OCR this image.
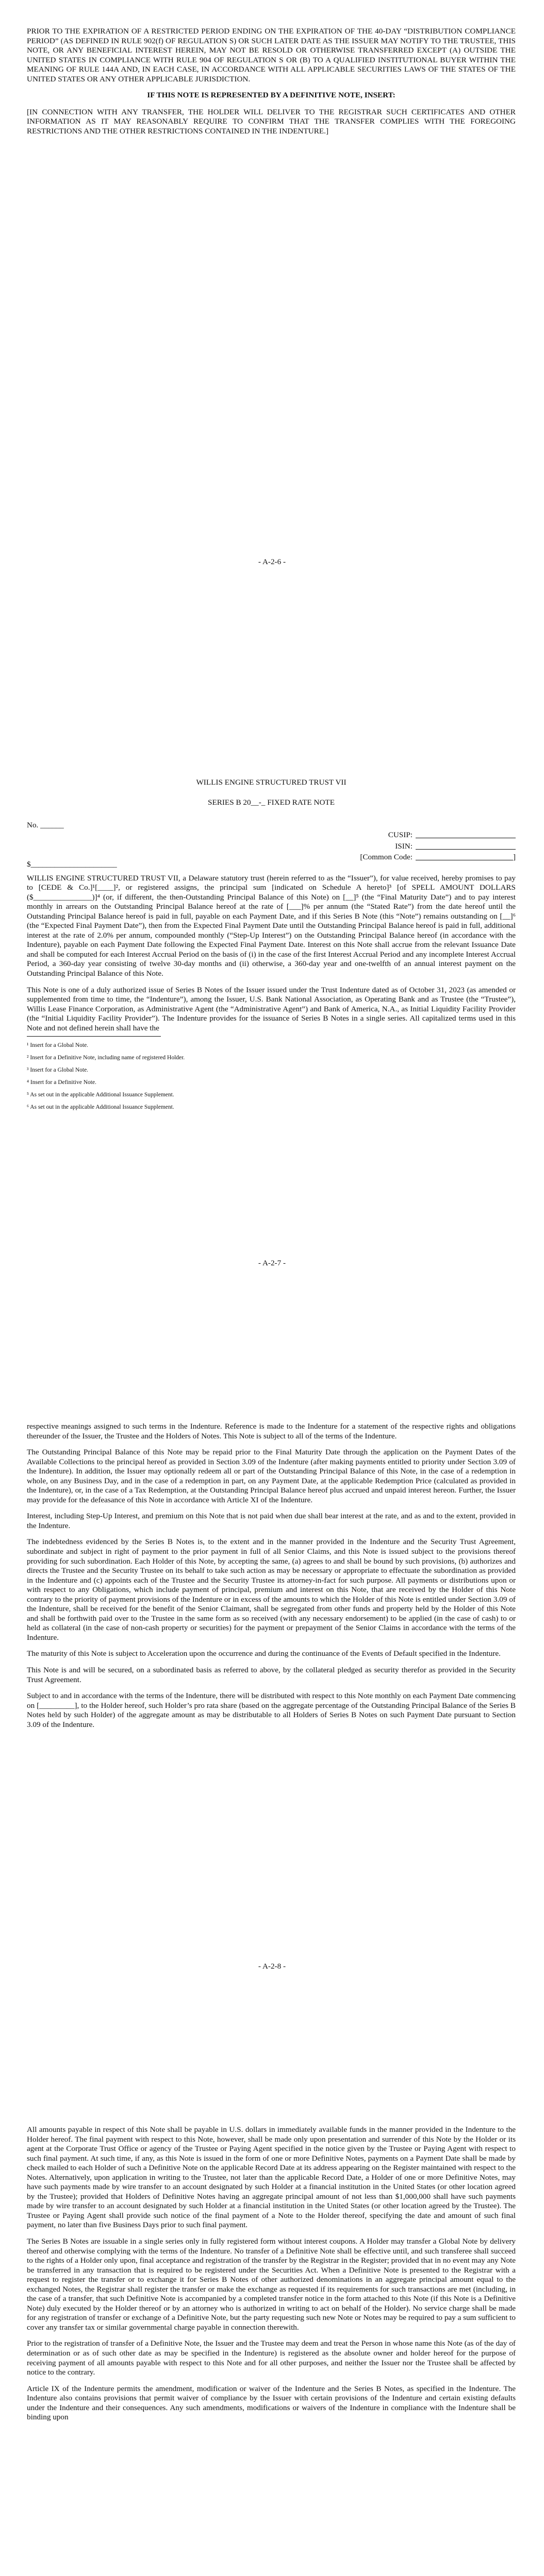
PRIOR TO THE EXPIRATION OF A RESTRICTED PERIOD ENDING ON THE EXPIRATION OF THE 40-DAY “DISTRIBUTION COMPLIANCE PERIOD” (AS DEFINED IN RULE 902(f) OF REGULATION S) OR SUCH LATER DATE AS THE ISSUER MAY NOTIFY TO THE TRUSTEE, THIS NOTE, OR ANY BENEFICIAL INTEREST HEREIN, MAY NOT BE RESOLD OR OTHERWISE TRANSFERRED EXCEPT (A) OUTSIDE THE UNITED STATES IN COMPLIANCE WITH RULE 904 OF REGULATION S OR (B) TO A QUALIFIED INSTITUTIONAL BUYER WITHIN THE MEANING OF RULE 144A AND, IN EACH CASE, IN ACCORDANCE WITH ALL APPLICABLE SECURITIES LAWS OF THE STATES OF THE UNITED STATES OR ANY OTHER APPLICABLE JURISDICTION.

IF THIS NOTE IS REPRESENTED BY A DEFINITIVE NOTE, INSERT:

[IN CONNECTION WITH ANY TRANSFER, THE HOLDER WILL DELIVER TO THE REGISTRAR SUCH CERTIFICATES AND OTHER INFORMATION AS IT MAY REASONABLY REQUIRE TO CONFIRM THAT THE TRANSFER COMPLIES WITH THE FOREGOING RESTRICTIONS AND THE OTHER RESTRICTIONS CONTAINED IN THE INDENTURE.]

- A-2-6 -
WILLIS ENGINE STRUCTURED TRUST VII
SERIES B 20__-_ FIXED RATE NOTE
No. ______
CUSIP:
ISIN:
[Common Code:	]
$______________________

WILLIS ENGINE STRUCTURED TRUST VII, a Delaware statutory trust (herein referred to as the “Issuer”), for value received, hereby promises to pay to [CEDE & Co.]¹[____]², or registered assigns, the principal sum [indicated on Schedule A hereto]³ [of SPELL AMOUNT DOLLARS ($_______________)]⁴ (or, if different, the then-Outstanding Principal Balance of this Note) on [__]⁵ (the “Final Maturity Date”) and to pay interest monthly in arrears on the Outstanding Principal Balance hereof at the rate of [___]% per annum (the “Stated Rate”) from the date hereof until the Outstanding Principal Balance hereof is paid in full, payable on each Payment Date, and if this Series B Note (this “Note”) remains outstanding on [__]⁶ (the “Expected Final Payment Date”), then from the Expected Final Payment Date until the Outstanding Principal Balance hereof is paid in full, additional interest at the rate of 2.0% per annum, compounded monthly (“Step-Up Interest”) on the Outstanding Principal Balance hereof (in accordance with the Indenture), payable on each Payment Date following the Expected Final Payment Date. Interest on this Note shall accrue from the relevant Issuance Date and shall be computed for each Interest Accrual Period on the basis of (i) in the case of the first Interest Accrual Period and any incomplete Interest Accrual Period, a 360-day year consisting of twelve 30-day months and (ii) otherwise, a 360-day year and one-twelfth of an annual interest payment on the Outstanding Principal Balance of this Note.

This Note is one of a duly authorized issue of Series B Notes of the Issuer issued under the Trust Indenture dated as of October 31, 2023 (as amended or supplemented from time to time, the “Indenture”), among the Issuer, U.S. Bank National Association, as Operating Bank and as Trustee (the “Trustee”), Willis Lease Finance Corporation, as Administrative Agent (the “Administrative Agent”) and Bank of America, N.A., as Initial Liquidity Facility Provider (the “Initial Liquidity Facility Provider”). The Indenture provides for the issuance of Series B Notes in a single series. All capitalized terms used in this Note and not defined herein shall have the

¹ Insert for a Global Note.

² Insert for a Definitive Note, including name of registered Holder.

³ Insert for a Global Note.

⁴ Insert for a Definitive Note.

⁵ As set out in the applicable Additional Issuance Supplement.

⁶ As set out in the applicable Additional Issuance Supplement.

- A-2-7 -

respective meanings assigned to such terms in the Indenture. Reference is made to the Indenture for a statement of the respective rights and obligations thereunder of the Issuer, the Trustee and the Holders of Notes. This Note is subject to all of the terms of the Indenture.

The Outstanding Principal Balance of this Note may be repaid prior to the Final Maturity Date through the application on the Payment Dates of the Available Collections to the principal hereof as provided in Section 3.09 of the Indenture (after making payments entitled to priority under Section 3.09 of the Indenture). In addition, the Issuer may optionally redeem all or part of the Outstanding Principal Balance of this Note, in the case of a redemption in whole, on any Business Day, and in the case of a redemption in part, on any Payment Date, at the applicable Redemption Price (calculated as provided in the Indenture), or, in the case of a Tax Redemption, at the Outstanding Principal Balance hereof plus accrued and unpaid interest hereon. Further, the Issuer may provide for the defeasance of this Note in accordance with Article XI of the Indenture.

Interest, including Step-Up Interest, and premium on this Note that is not paid when due shall bear interest at the rate, and as and to the extent, provided in the Indenture.

The indebtedness evidenced by the Series B Notes is, to the extent and in the manner provided in the Indenture and the Security Trust Agreement, subordinate and subject in right of payment to the prior payment in full of all Senior Claims, and this Note is issued subject to the provisions thereof providing for such subordination. Each Holder of this Note, by accepting the same, (a) agrees to and shall be bound by such provisions, (b) authorizes and directs the Trustee and the Security Trustee on its behalf to take such action as may be necessary or appropriate to effectuate the subordination as provided in the Indenture and (c) appoints each of the Trustee and the Security Trustee its attorney-in-fact for such purpose. All payments or distributions upon or with respect to any Obligations, which include payment of principal, premium and interest on this Note, that are received by the Holder of this Note contrary to the priority of payment provisions of the Indenture or in excess of the amounts to which the Holder of this Note is entitled under Section 3.09 of the Indenture, shall be received for the benefit of the Senior Claimant, shall be segregated from other funds and property held by the Holder of this Note and shall be forthwith paid over to the Trustee in the same form as so received (with any necessary endorsement) to be applied (in the case of cash) to or held as collateral (in the case of non-cash property or securities) for the payment or prepayment of the Senior Claims in accordance with the terms of the Indenture.

The maturity of this Note is subject to Acceleration upon the occurrence and during the continuance of the Events of Default specified in the Indenture.

This Note is and will be secured, on a subordinated basis as referred to above, by the collateral pledged as security therefor as provided in the Security Trust Agreement.

Subject to and in accordance with the terms of the Indenture, there will be distributed with respect to this Note monthly on each Payment Date commencing on [_________], to the Holder hereof, such Holder’s pro rata share (based on the aggregate percentage of the Outstanding Principal Balance of the Series B Notes held by such Holder) of the aggregate amount as may be distributable to all Holders of Series B Notes on such Payment Date pursuant to Section 3.09 of the Indenture.

- A-2-8 -

All amounts payable in respect of this Note shall be payable in U.S. dollars in immediately available funds in the manner provided in the Indenture to the Holder hereof. The final payment with respect to this Note, however, shall be made only upon presentation and surrender of this Note by the Holder or its agent at the Corporate Trust Office or agency of the Trustee or Paying Agent specified in the notice given by the Trustee or Paying Agent with respect to such final payment. At such time, if any, as this Note is issued in the form of one or more Definitive Notes, payments on a Payment Date shall be made by check mailed to each Holder of such a Definitive Note on the applicable Record Date at its address appearing on the Register maintained with respect to the Notes. Alternatively, upon application in writing to the Trustee, not later than the applicable Record Date, a Holder of one or more Definitive Notes, may have such payments made by wire transfer to an account designated by such Holder at a financial institution in the United States (or other location agreed by the Trustee); provided that Holders of Definitive Notes having an aggregate principal amount of not less than $1,000,000 shall have such payments made by wire transfer to an account designated by such Holder at a financial institution in the United States (or other location agreed by the Trustee). The Trustee or Paying Agent shall provide such notice of the final payment of a Note to the Holder thereof, specifying the date and amount of such final payment, no later than five Business Days prior to such final payment.

The Series B Notes are issuable in a single series only in fully registered form without interest coupons. A Holder may transfer a Global Note by delivery thereof and otherwise complying with the terms of the Indenture. No transfer of a Definitive Note shall be effective until, and such transferee shall succeed to the rights of a Holder only upon, final acceptance and registration of the transfer by the Registrar in the Register; provided that in no event may any Note be transferred in any transaction that is required to be registered under the Securities Act. When a Definitive Note is presented to the Registrar with a request to register the transfer or to exchange it for Series B Notes of other authorized denominations in an aggregate principal amount equal to the exchanged Notes, the Registrar shall register the transfer or make the exchange as requested if its requirements for such transactions are met (including, in the case of a transfer, that such Definitive Note is accompanied by a completed transfer notice in the form attached to this Note (if this Note is a Definitive Note) duly executed by the Holder thereof or by an attorney who is authorized in writing to act on behalf of the Holder). No service charge shall be made for any registration of transfer or exchange of a Definitive Note, but the party requesting such new Note or Notes may be required to pay a sum sufficient to cover any transfer tax or similar governmental charge payable in connection therewith.

Prior to the registration of transfer of a Definitive Note, the Issuer and the Trustee may deem and treat the Person in whose name this Note (as of the day of determination or as of such other date as may be specified in the Indenture) is registered as the absolute owner and holder hereof for the purpose of receiving payment of all amounts payable with respect to this Note and for all other purposes, and neither the Issuer nor the Trustee shall be affected by notice to the contrary.

Article IX of the Indenture permits the amendment, modification or waiver of the Indenture and the Series B Notes, as specified in the Indenture. The Indenture also contains provisions that permit waiver of compliance by the Issuer with certain provisions of the Indenture and certain existing defaults under the Indenture and their consequences. Any such amendments, modifications or waivers of the Indenture in compliance with the Indenture shall be binding upon
